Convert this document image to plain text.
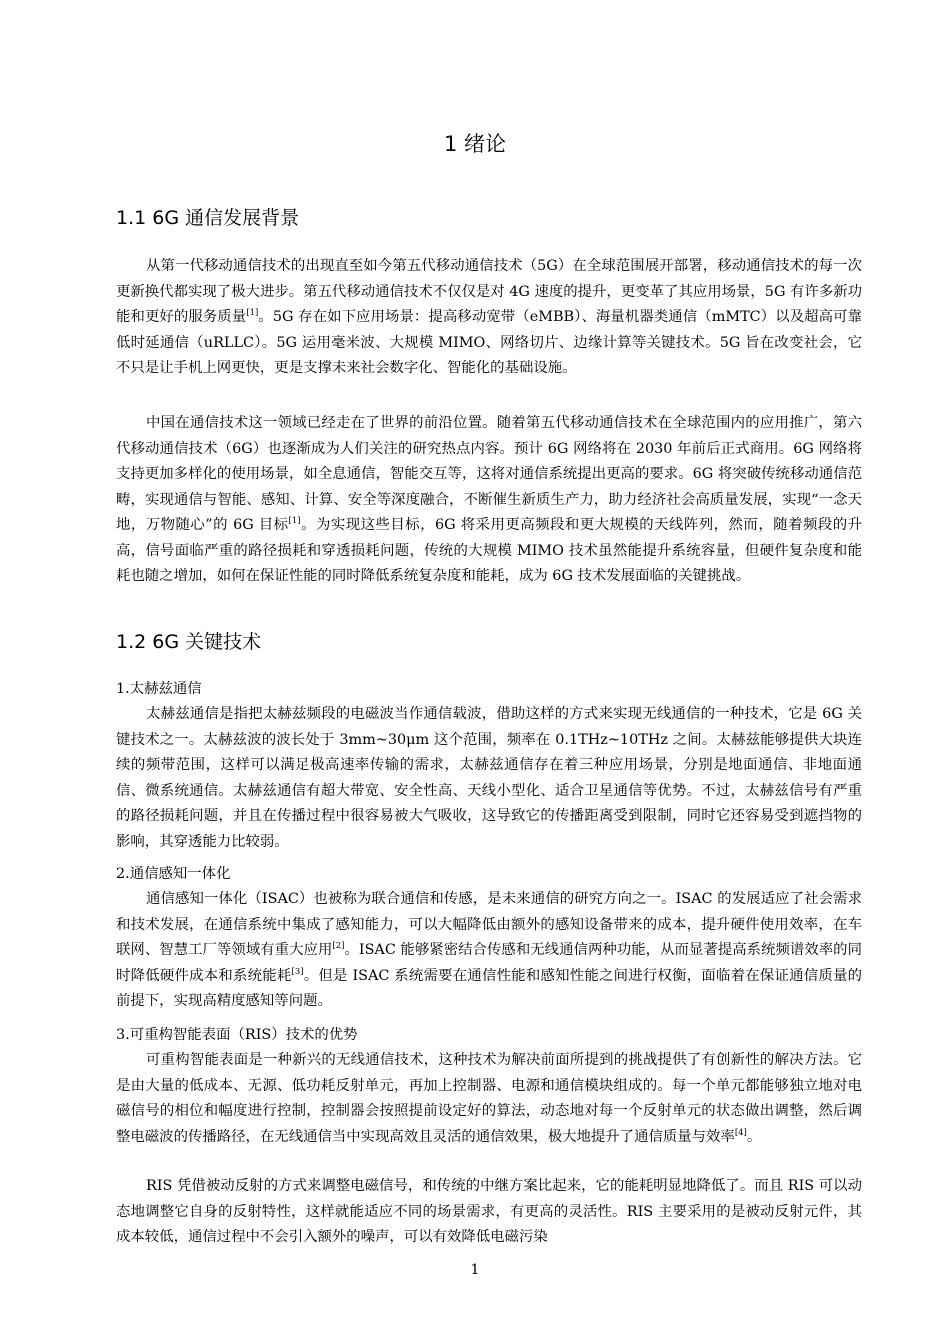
1 绪论
1.1 6G 通信发展背景

从第一代移动通信技术的出现直至如今第五代移动通信技术（5G）在全球范围展开部署，移动通信技术的每一次更新换代都实现了极大进步。第五代移动通信技术不仅仅是对 4G 速度的提升，更变革了其应用场景，5G 有许多新功能和更好的服务质量[1]。5G 存在如下应用场景：提高移动宽带（eMBB）、海量机器类通信（mMTC）以及超高可靠低时延通信（uRLLC）。5G 运用毫米波、大规模 MIMO、网络切片、边缘计算等关键技术。5G 旨在改变社会，它不只是让手机上网更快，更是支撑未来社会数字化、智能化的基础设施。

中国在通信技术这一领域已经走在了世界的前沿位置。随着第五代移动通信技术在全球范围内的应用推广，第六代移动通信技术（6G）也逐渐成为人们关注的研究热点内容。预计 6G 网络将在 2030 年前后正式商用。6G 网络将支持更加多样化的使用场景，如全息通信，智能交互等，这将对通信系统提出更高的要求。6G 将突破传统移动通信范畴，实现通信与智能、感知、计算、安全等深度融合，不断催生新质生产力，助力经济社会高质量发展，实现“一念天地，万物随心”的 6G 目标[1]。为实现这些目标，6G 将采用更高频段和更大规模的天线阵列，然而，随着频段的升高，信号面临严重的路径损耗和穿透损耗问题，传统的大规模 MIMO 技术虽然能提升系统容量，但硬件复杂度和能耗也随之增加，如何在保证性能的同时降低系统复杂度和能耗，成为 6G 技术发展面临的关键挑战。

1.2 6G 关键技术

1.太赫兹通信

太赫兹通信是指把太赫兹频段的电磁波当作通信载波，借助这样的方式来实现无线通信的一种技术，它是 6G 关键技术之一。太赫兹波的波长处于 3mm~30μm 这个范围，频率在 0.1THz~10THz 之间。太赫兹能够提供大块连续的频带范围，这样可以满足极高速率传输的需求，太赫兹通信存在着三种应用场景，分别是地面通信、非地面通信、微系统通信。太赫兹通信有超大带宽、安全性高、天线小型化、适合卫星通信等优势。不过，太赫兹信号有严重的路径损耗问题，并且在传播过程中很容易被大气吸收，这导致它的传播距离受到限制，同时它还容易受到遮挡物的影响，其穿透能力比较弱。

2.通信感知一体化

通信感知一体化（ISAC）也被称为联合通信和传感，是未来通信的研究方向之一。ISAC 的发展适应了社会需求和技术发展，在通信系统中集成了感知能力，可以大幅降低由额外的感知设备带来的成本，提升硬件使用效率，在车联网、智慧工厂等领域有重大应用[2]。ISAC 能够紧密结合传感和无线通信两种功能，从而显著提高系统频谱效率的同时降低硬件成本和系统能耗[3]。但是 ISAC 系统需要在通信性能和感知性能之间进行权衡，面临着在保证通信质量的前提下，实现高精度感知等问题。

3.可重构智能表面（RIS）技术的优势

可重构智能表面是一种新兴的无线通信技术，这种技术为解决前面所提到的挑战提供了有创新性的解决方法。它是由大量的低成本、无源、低功耗反射单元，再加上控制器、电源和通信模块组成的。每一个单元都能够独立地对电磁信号的相位和幅度进行控制，控制器会按照提前设定好的算法，动态地对每一个反射单元的状态做出调整，然后调整电磁波的传播路径，在无线通信当中实现高效且灵活的通信效果，极大地提升了通信质量与效率[4]。

RIS 凭借被动反射的方式来调整电磁信号，和传统的中继方案比起来，它的能耗明显地降低了。而且 RIS 可以动态地调整它自身的反射特性，这样就能适应不同的场景需求，有更高的灵活性。RIS 主要采用的是被动反射元件，其成本较低，通信过程中不会引入额外的噪声，可以有效降低电磁污染

1
